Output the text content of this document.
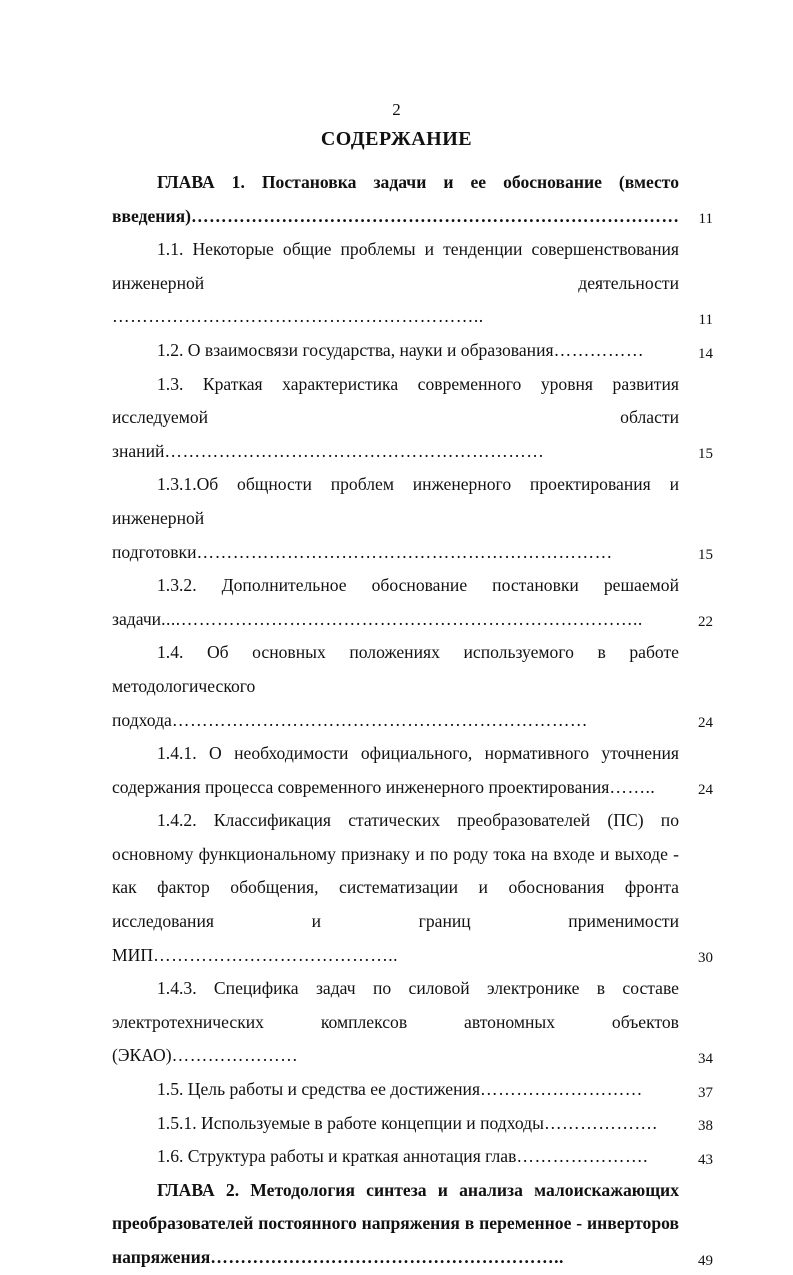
2
СОДЕРЖАНИЕ
ГЛАВА 1. Постановка задачи и ее обоснование (вместо введения)………………………………………………………………………	11
1.1. Некоторые общие проблемы и тенденции совершенствования инженерной деятельности ……………………………………………………..	11
1.2. О взаимосвязи государства, науки и образования……………	14
1.3. Краткая характеристика современного уровня развития исследуемой области знаний………………………………………………………	15
1.3.1.Об общности проблем инженерного проектирования и инженерной подготовки……………………………………………………………	15
1.3.2. Дополнительное обоснование постановки решаемой задачи....…………………………………………………………………..	22
1.4. Об основных положениях используемого в работе методологического подхода……………………………………………………………	24
1.4.1. О необходимости официального, нормативного уточнения содержания процесса современного инженерного проектирования……..	24
1.4.2. Классификация статических преобразователей (ПС) по основному функциональному признаку и по роду тока на входе и выходе - как фактор обобщения, систематизации и обоснования фронта исследования и границ применимости МИП…………………………………..	30
1.4.3. Специфика задач по силовой электронике в составе электротехнических комплексов автономных объектов (ЭКАО)…………………	34
1.5. Цель работы и средства ее достижения………………………	37
1.5.1. Используемые в работе концепции и подходы……………….	38
1.6. Структура работы и краткая аннотация глав………………….	43
ГЛАВА 2. Методология синтеза и анализа малоискажающих преобразователей постоянного напряжения в переменное - инверторов напряжения…………………………………………………..	49
